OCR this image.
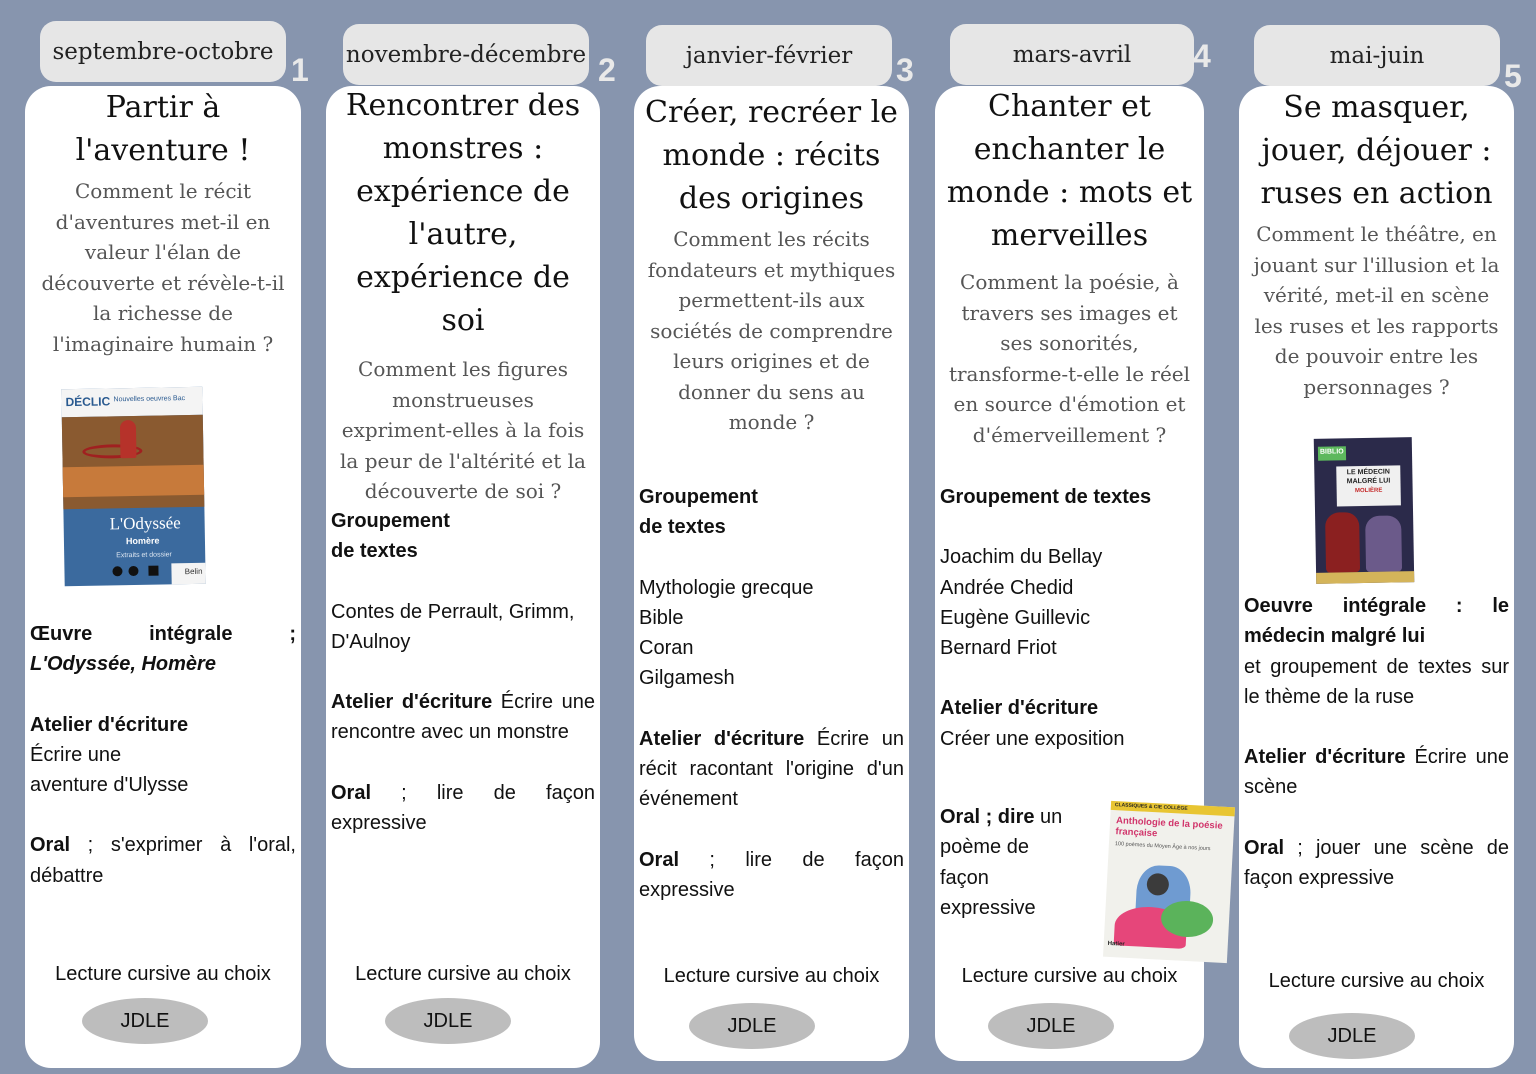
septembre-octobre
1
Partir à l'aventure !
Comment le récit d'aventures met-il en valeur l'élan de découverte et révèle-t-il la richesse de l'imaginaire humain ?
DÉCLIC Nouvelles oeuvres Bac
L'Odyssée
Homère
Extraits et dossier
Belin

Œuvre intégrale ;
L'Odyssée, Homère

Atelier d'écriture
Écrire une aventure d'Ulysse

Oral ; s'exprimer à l'oral, débattre

Lecture cursive au choix
JDLE
novembre-décembre 2
Rencontrer des monstres : expérience de l'autre, expérience de soi
Comment les figures monstrueuses expriment-elles à la fois la peur de l'altérité et la découverte de soi ?

Groupement de textes

Contes de Perrault, Grimm, D'Aulnoy

Atelier d'écriture Écrire une rencontre avec un monstre

Oral ; lire de façon expressive

Lecture cursive au choix
JDLE
janvier-février 3
Créer, recréer le monde : récits des origines
Comment les récits fondateurs et mythiques permettent-ils aux sociétés de comprendre leurs origines et de donner du sens au monde ?

Groupement de textes

Mythologie grecque
Bible
Coran
Gilgamesh

Atelier d'écriture Écrire un récit racontant l'origine d'un événement

Oral ; lire de façon expressive

Lecture cursive au choix
JDLE
mars-avril 4
Chanter et enchanter le monde : mots et merveilles
Comment la poésie, à travers ses images et ses sonorités, transforme-t-elle le réel en source d'émotion et d'émerveillement ?

Groupement de textes

Joachim du Bellay
Andrée Chedid
Eugène Guillevic
Bernard Friot

Atelier d'écriture
Créer une exposition

Oral ; dire un poème de façon expressive

CLASSIQUES & CIE COLLÈGE
Anthologie de la poésie française
100 poèmes du Moyen Âge à nos jours
Hatier
Lecture cursive au choix
JDLE
mai-juin
5
Se masquer, jouer, déjouer : ruses en action
Comment le théâtre, en jouant sur l'illusion et la vérité, met-il en scène les ruses et les rapports de pouvoir entre les personnages ?
BIBLIO
LE MÉDECIN MALGRÉ LUI
MOLIÈRE

Oeuvre intégrale : le médecin malgré lui
et groupement de textes sur le thème de la ruse

Atelier d'écriture Écrire une scène

Oral ; jouer une scène de façon expressive

Lecture cursive au choix
JDLE
